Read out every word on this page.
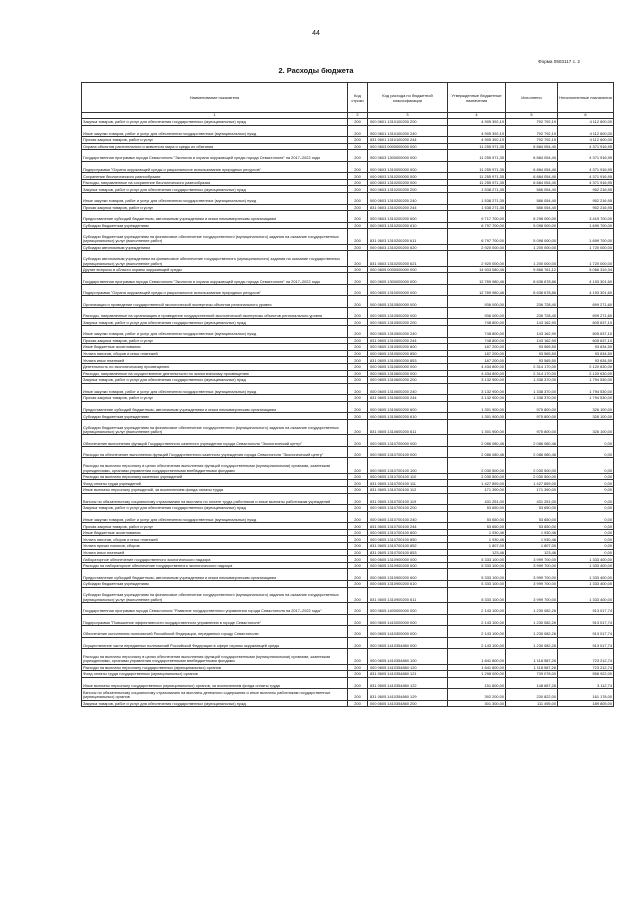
44
Форма 0503117 с. 2
2. Расходы бюджета
Наименование показателя	Код строки	Код расхода по бюджетной классификации	Утвержденные бюджетные назначения	Исполнено	Неисполненные назначения
1	2	3	4	5	6
Закупка товаров, работ и услуг для обеспечения государственных (муниципальных) нужд	200	000 0601 1310100200 200	4 905 392,19	792 792,19	4 112 600,00
Иные закупки товаров, работ и услуг для обеспечения государственных (муниципальных) нужд	200	000 0601 1310100200 240	4 905 392,19	792 792,19	4 112 600,00
Прочая закупка товаров, работ и услуг	200	831 0601 1310100200 244	4 905 392,19	792 792,19	4 112 600,00
Охрана объектов растительного и животного мира и среды их обитания	200	000 0603 0000000000 000	11 255 971,35	6 884 054,40	4 371 916,95
Государственная программа города Севастополя "Экология и охрана окружающей среды города Севастополя" на 2017–2022 годы	200	000 0603 1300000000 000	11 255 971,35	6 884 054,40	4 371 916,95
Подпрограмма "Охрана окружающей среды и рациональное использование природных ресурсов"	200	000 0603 1310000000 000	11 255 971,35	6 884 054,40	4 371 916,95
Сохранение биологического разнообразия	200	000 0603 1310200000 000	11 255 971,35	6 884 054,40	4 371 916,95
Расходы, направленные на сохранение биологического разнообразия	200	000 0603 1310200200 000	11 255 971,35	6 884 054,40	4 371 916,95
Закупка товаров, работ и услуг для обеспечения государственных (муниципальных) нужд	200	000 0603 1310200200 200	1 538 271,35	586 054,40	952 216,95
Иные закупки товаров, работ и услуг для обеспечения государственных (муниципальных) нужд	200	000 0603 1310200200 240	1 538 271,35	586 054,40	952 216,95
Прочая закупка товаров, работ и услуг	200	831 0603 1310200200 244	1 538 271,35	586 054,40	952 216,95
Предоставление субсидий бюджетным, автономным учреждениям и иным некоммерческим организациям	200	000 0603 1310200200 600	9 717 700,00	6 298 000,00	3 419 700,00
Субсидии бюджетным учреждениям	200	000 0603 1310200200 610	6 797 700,00	5 098 000,00	1 699 700,00
Субсидии бюджетным учреждениям на финансовое обеспечение государственного (муниципального) задания на оказание государственных (муниципальных) услуг (выполнение работ)	200	831 0603 1310200200 611	6 797 700,00	5 098 000,00	1 699 700,00
Субсидии автономным учреждениям	200	000 0603 1310200200 620	2 920 000,00	1 200 000,00	1 720 000,00
Субсидии автономным учреждениям на финансовое обеспечение государственного (муниципального) задания на оказание государственных (муниципальных) услуг (выполнение работ)	200	831 0603 1310200200 621	2 920 000,00	1 200 000,00	1 720 000,00
Другие вопросы в области охраны окружающей среды	200	000 0605 0000000000 000	14 933 080,46	9 866 761,12	5 066 319,34
Государственная программа города Севастополя "Экология и охрана окружающей среды города Севастополя" на 2017–2022 годы	200	000 0605 1300000000 000	12 789 980,46	8 636 678,86	4 153 301,60
Подпрограмма "Охрана окружающей среды и рациональное использование природных ресурсов"	200	000 0605 1310000000 000	12 789 980,46	8 636 678,86	4 153 301,60
Организация и проведение государственной экологической экспертизы объектов регионального уровня	200	000 0605 1310500000 000	936 000,00	236 728,40	699 271,60
Расходы, направленные на организацию и проведение государственной экологической экспертизы объектов регионального уровня	200	000 0605 1310500200 000	936 000,00	236 728,40	699 271,60
Закупка товаров, работ и услуг для обеспечения государственных (муниципальных) нужд	200	000 0605 1310500200 200	748 800,00	143 162,90	605 637,10
Иные закупки товаров, работ и услуг для обеспечения государственных (муниципальных) нужд	200	000 0605 1310500200 240	748 800,00	143 162,90	605 637,10
Прочая закупка товаров, работ и услуг	200	831 0605 1310500200 244	748 800,00	143 162,90	605 637,10
Иные бюджетные ассигнования	200	000 0605 1310500200 800	187 200,00	93 565,50	93 634,50
Уплата налогов, сборов и иных платежей	200	000 0605 1310500200 850	187 200,00	93 565,50	93 634,50
Уплата иных платежей	200	831 0605 1310500200 853	187 200,00	93 565,50	93 634,50
Деятельность по экологическому просвещению	200	000 0605 1310600000 000	4 434 800,00	2 314 170,00	2 120 630,00
Расходы, направленные на осуществление деятельности по экологическому просвещению	200	000 0605 1310600200 000	4 434 800,00	2 314 170,00	2 120 630,00
Закупка товаров, работ и услуг для обеспечения государственных (муниципальных) нужд	200	000 0605 1310600200 200	3 132 900,00	1 338 370,00	1 794 530,00
Иные закупки товаров, работ и услуг для обеспечения государственных (муниципальных) нужд	200	000 0605 1310600200 240	3 132 900,00	1 338 370,00	1 794 530,00
Прочая закупка товаров, работ и услуг	200	831 0605 1310600200 244	3 132 900,00	1 338 370,00	1 794 530,00
Предоставление субсидий бюджетным, автономным учреждениям и иным некоммерческим организациям	200	000 0605 1310600200 600	1 301 900,00	975 800,00	326 100,00
Субсидии бюджетным учреждениям	200	000 0605 1310600200 610	1 301 900,00	975 800,00	326 100,00
Субсидии бюджетным учреждениям на финансовое обеспечение государственного (муниципального) задания на оказание государственных (муниципальных) услуг (выполнение работ)	200	831 0605 1310600200 611	1 301 900,00	975 800,00	326 100,00
Обеспечение выполнения функций Государственного казенного учреждения города Севастополя "Экологический центр"	200	000 0605 1310700000 000	2 086 080,46	2 086 080,46	0,00
Расходы на обеспечение выполнения функций Государственного казенного учреждения города Севастополя "Экологический центр"	200	000 0605 1310700100 000	2 086 080,46	2 086 080,46	0,00
Расходы на выплаты персоналу в целях обеспечения выполнения функций государственными (муниципальными) органами, казенными учреждениями, органами управления государственными внебюджетными фондами	200	000 0605 1310700100 100	2 030 500,00	2 030 500,00	0,00
Расходы на выплаты персоналу казенных учреждений	200	000 0605 1310700100 110	2 030 500,00	2 030 500,00	0,00
Фонд оплаты труда учреждений	200	831 0605 1310700100 111	1 427 859,00	1 427 859,00	0,00
Иные выплаты персоналу учреждений, за исключением фонда оплаты труда	200	831 0605 1310700100 112	171 390,00	171 390,00	0,00
Взносы по обязательному социальному страхованию на выплаты по оплате труда работников и иные выплаты работникам учреждений	200	831 0605 1310700100 119	431 251,00	431 251,00	0,00
Закупка товаров, работ и услуг для обеспечения государственных (муниципальных) нужд	200	000 0605 1310700100 200	53 650,00	53 650,00	0,00
Иные закупки товаров, работ и услуг для обеспечения государственных (муниципальных) нужд	200	000 0605 1310700100 240	53 650,00	53 650,00	0,00
Прочая закупка товаров, работ и услуг	200	831 0605 1310700100 244	53 650,00	53 650,00	0,00
Иные бюджетные ассигнования	200	000 0605 1310700100 800	1 930,46	1 930,46	0,00
Уплата налогов, сборов и иных платежей	200	000 0605 1310700100 850	1 930,46	1 930,46	0,00
Уплата прочих налогов, сборов	200	831 0605 1310700100 852	1 807,00	1 807,00	0,00
Уплата иных платежей	200	831 0605 1310700100 853	123,46	123,46	0,00
Лабораторное обеспечение государственного экологического надзора	200	000 0605 1310900000 000	5 333 100,00	3 999 700,00	1 333 400,00
Расходы на лабораторное обеспечение государственного экологического надзора	200	000 0605 1310900200 000	5 333 100,00	3 999 700,00	1 333 400,00
Предоставление субсидий бюджетным, автономным учреждениям и иным некоммерческим организациям	200	000 0605 1310900200 600	5 333 100,00	3 999 700,00	1 333 400,00
Субсидии бюджетным учреждениям	200	000 0605 1310900200 610	5 333 100,00	3 999 700,00	1 333 400,00
Субсидии бюджетным учреждениям на финансовое обеспечение государственного (муниципального) задания на оказание государственных (муниципальных) услуг (выполнение работ)	200	831 0605 1310900200 611	5 333 100,00	3 999 700,00	1 333 400,00
Государственная программа города Севастополя "Развитие государственного управления города Севастополя на 2017–2022 годы"	200	000 0605 1400000000 000	2 143 100,00	1 230 082,26	913 017,74
Подпрограмма "Повышение эффективности государственного управления в городе Севастополе"	200	000 0605 1410000000 000	2 143 100,00	1 230 082,26	913 017,74
Обеспечение исполнения полномочий Российской Федерации, переданных городу Севастополю	200	000 0605 1410300000 000	2 143 100,00	1 230 082,26	913 017,74
Осуществление части переданных полномочий Российской Федерации в сфере охраны окружающей среды	200	000 0605 1410354860 000	2 143 100,00	1 230 082,26	913 017,74
Расходы на выплаты персоналу в целях обеспечения выполнения функций государственными (муниципальными) органами, казенными учреждениями, органами управления государственными внебюджетными фондами	200	000 0605 1410354860 100	1 841 800,00	1 118 587,26	723 212,74
Расходы на выплаты персоналу государственных (муниципальных) органов	200	000 0605 1410354860 120	1 841 800,00	1 118 587,26	723 212,74
Фонд оплаты труда государственных (муниципальных) органов	200	831 0605 1410354860 121	1 298 000,00	739 078,00	558 922,00
Иные выплаты персоналу государственных (муниципальных) органов, за исключением фонда оплаты труда	200	831 0605 1410354860 122	151 600,00	148 687,26	3 112,74
Взносы по обязательному социальному страхованию на выплаты денежного содержания и иные выплаты работникам государственных (муниципальных) органов	200	831 0605 1410354860 129	392 200,00	230 822,00	161 178,00
Закупка товаров, работ и услуг для обеспечения государственных (муниципальных) нужд	200	000 0605 1410354860 200	301 300,00	111 495,00	189 805,00
